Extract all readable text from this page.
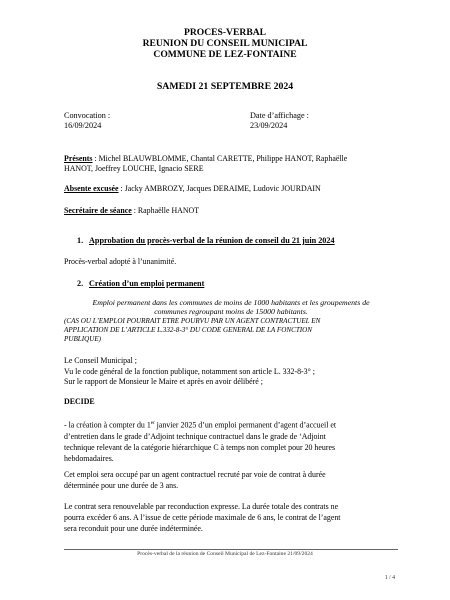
PROCES-VERBAL
REUNION DU CONSEIL MUNICIPAL
COMMUNE DE LEZ-FONTAINE
SAMEDI 21 SEPTEMBRE 2024
Convocation :
16/09/2024
Date d’affichage :
23/09/2024
Présents : Michel BLAUWBLOMME, Chantal CARETTE, Philippe HANOT, Raphaëlle
HANOT, Joeffrey LOUCHE, Ignacio SERE
Absente excusée : Jacky AMBROZY, Jacques DERAIME, Ludovic JOURDAIN
Secrétaire de séance : Raphaëlle HANOT
1. Approbation du procès-verbal de la réunion de conseil du 21 juin 2024
Procès-verbal adopté à l’unanimité.
2. Création d’un emploi permanent
Emploi permanent dans les communes de moins de 1000 habitants et les groupements de
communes regroupant moins de 15000 habitants.
(CAS OU L’EMPLOI POURRAIT ETRE POURVU PAR UN AGENT CONTRACTUEL EN
APPLICATION DE L’ARTICLE L.332-8-3° DU CODE GENERAL DE LA FONCTION
PUBLIQUE)
Le Conseil Municipal ;
Vu le code général de la fonction publique, notamment son article L. 332-8-3° ;
Sur le rapport de Monsieur le Maire et après en avoir délibéré ;
DECIDE
- la création à compter du 1er janvier 2025 d’un emploi permanent d’agent d’accueil et
d’entretien dans le grade d’Adjoint technique contractuel dans le grade de ‘Adjoint
technique relevant de la catégorie hiérarchique C à temps non complet pour 20 heures
hebdomadaires.
Cet emploi sera occupé par un agent contractuel recruté par voie de contrat à durée
déterminée pour une durée de 3 ans.
Le contrat sera renouvelable par reconduction expresse. La durée totale des contrats ne
pourra excéder 6 ans. A l’issue de cette période maximale de 6 ans, le contrat de l’agent
sera reconduit pour une durée indéterminée.
Procès-verbal de la réunion de Conseil Municipal de Lez-Fontaine 21/09/2024
1 / 4
